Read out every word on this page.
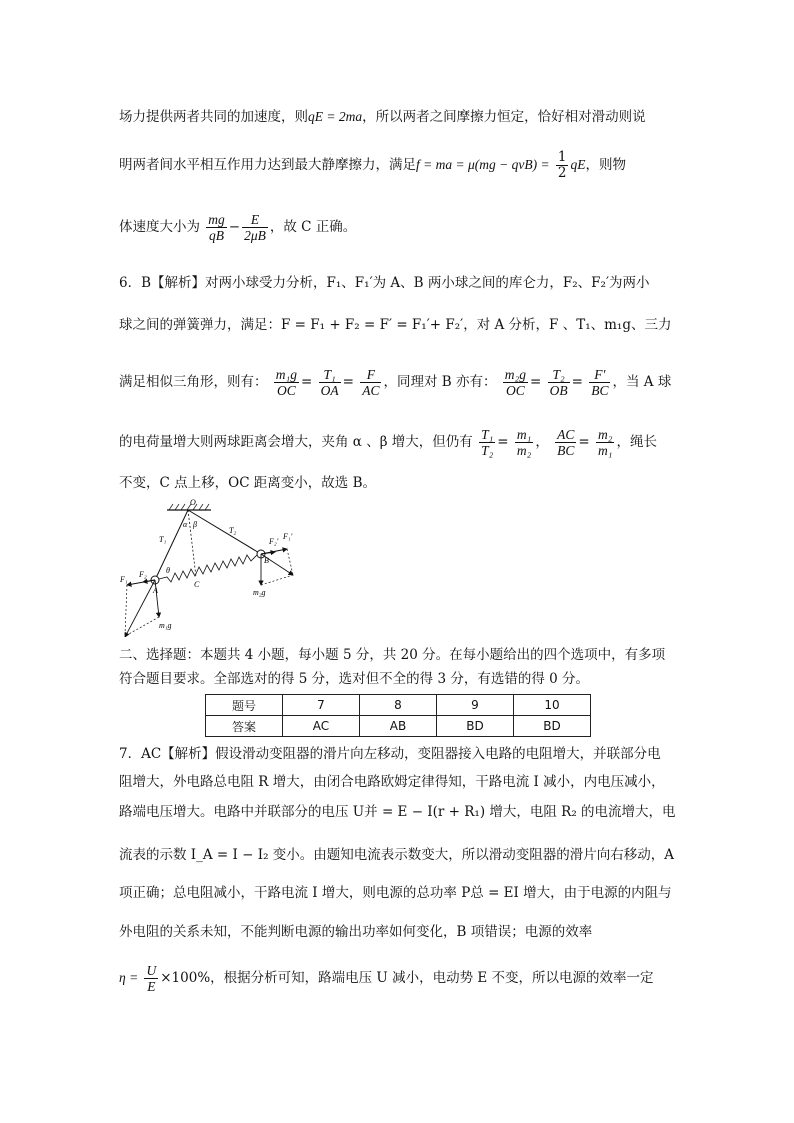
场力提供两者共同的加速度，则qE = 2ma，所以两者之间摩擦力恒定，恰好相对滑动则说
明两者间水平相互作用力达到最大静摩擦力，满足f = ma = $\mu(mg - qvB) = \frac{1}{2}$ qE，则物
体速度大小为 $\frac{mg}{qB} - \frac{E}{2\mu B}$ ，故 C 正确。
6．B【解析】对两小球受力分析，F₁、F₁′为 A、B 两小球之间的库仑力，F₂、F₂′为两小
球之间的弹簧弹力，满足：F = F₁ + F₂ = F′ = F₁′+ F₂′，对 A 分析，F 、T₁、m₁g、三力
满足相似三角形，则有： $\frac{\text{m₁g}}{OC} = \frac{\text{T₁}}{OA} = \frac{F}{AC}$ ，同理对 B 亦有： $\frac{\text{m₂g}}{OC} = \frac{\text{T₂}}{OB} = \frac{F'}{BC}$ ，当 A 球
的电荷量增大则两球距离会增大，夹角 α 、β 增大，但仍有 $\frac{\text{T₁}}{\text{T₂}} = \frac{\text{m₁}}{\text{m₂}}$ ， $\frac{AC}{BC} = \frac{\text{m₂}}{\text{m₁}}$ ，绳长
不变，C 点上移，OC 距离变小，故选 B。
O
A
B
C
T₁
T₂
θ
α β
F₁
F₂
F₁′
F₂′
m₁g
m₂g
二、选择题：本题共 4 小题，每小题 5 分，共 20 分。在每小题给出的四个选项中，有多项
符合题目要求。全部选对的得 5 分，选对但不全的得 3 分，有选错的得 0 分。
题号	7	8	9	10
答案	AC	AB	BD	BD
7．AC【解析】假设滑动变阻器的滑片向左移动，变阻器接入电路的电阻增大，并联部分电
阻增大，外电路总电阻 R 增大，由闭合电路欧姆定律得知，干路电流 I 减小，内电压减小，
路端电压增大。电路中并联部分的电压 U并 = E − I(r + R₁) 增大，电阻 R₂ 的电流增大，电
流表的示数 I_A = I − I₂ 变小。由题知电流表示数变大，所以滑动变阻器的滑片向右移动，A
项正确；总电阻减小，干路电流 I 增大，则电源的总功率 P总 = EI 增大，由于电源的内阻与
外电阻的关系未知，不能判断电源的输出功率如何变化，B 项错误；电源的效率
$\eta = \frac{U}{E} \times 100\%$，根据分析可知，路端电压 U 减小，电动势 E 不变，所以电源的效率一定
